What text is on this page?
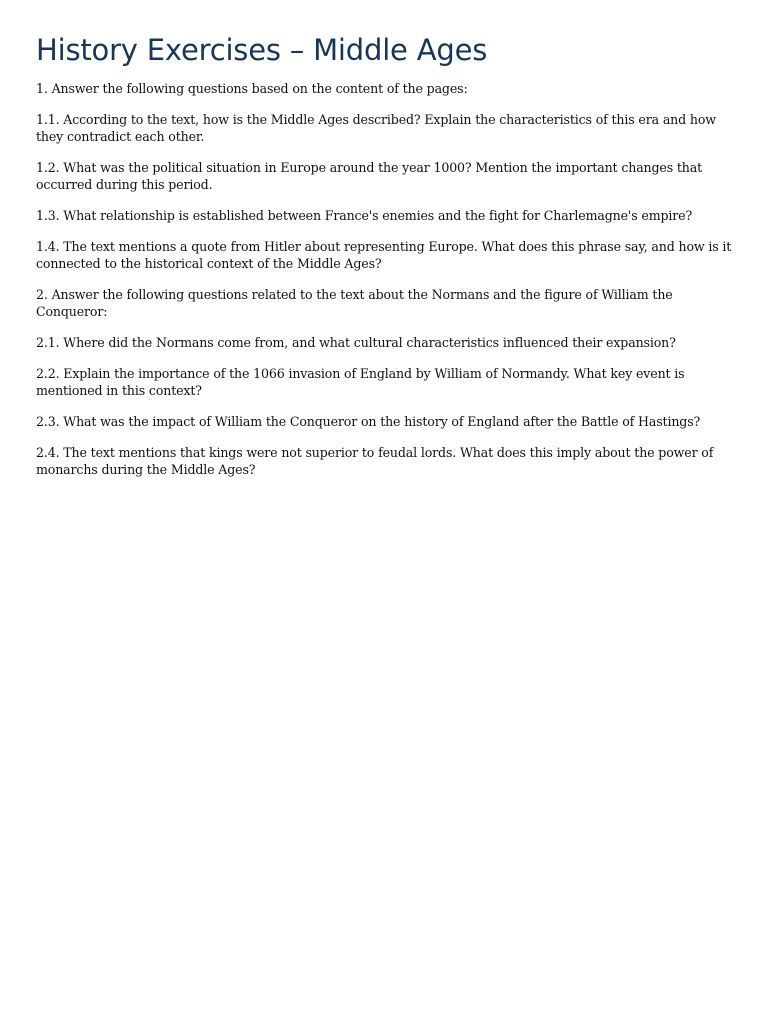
History Exercises – Middle Ages

1. Answer the following questions based on the content of the pages:

1.1. According to the text, how is the Middle Ages described? Explain the characteristics of this era and how they contradict each other.

1.2. What was the political situation in Europe around the year 1000? Mention the important changes that occurred during this period.

1.3. What relationship is established between France's enemies and the fight for Charlemagne's empire?

1.4. The text mentions a quote from Hitler about representing Europe. What does this phrase say, and how is it connected to the historical context of the Middle Ages?

2. Answer the following questions related to the text about the Normans and the figure of William the Conqueror:

2.1. Where did the Normans come from, and what cultural characteristics influenced their expansion?

2.2. Explain the importance of the 1066 invasion of England by William of Normandy. What key event is mentioned in this context?

2.3. What was the impact of William the Conqueror on the history of England after the Battle of Hastings?

2.4. The text mentions that kings were not superior to feudal lords. What does this imply about the power of monarchs during the Middle Ages?
